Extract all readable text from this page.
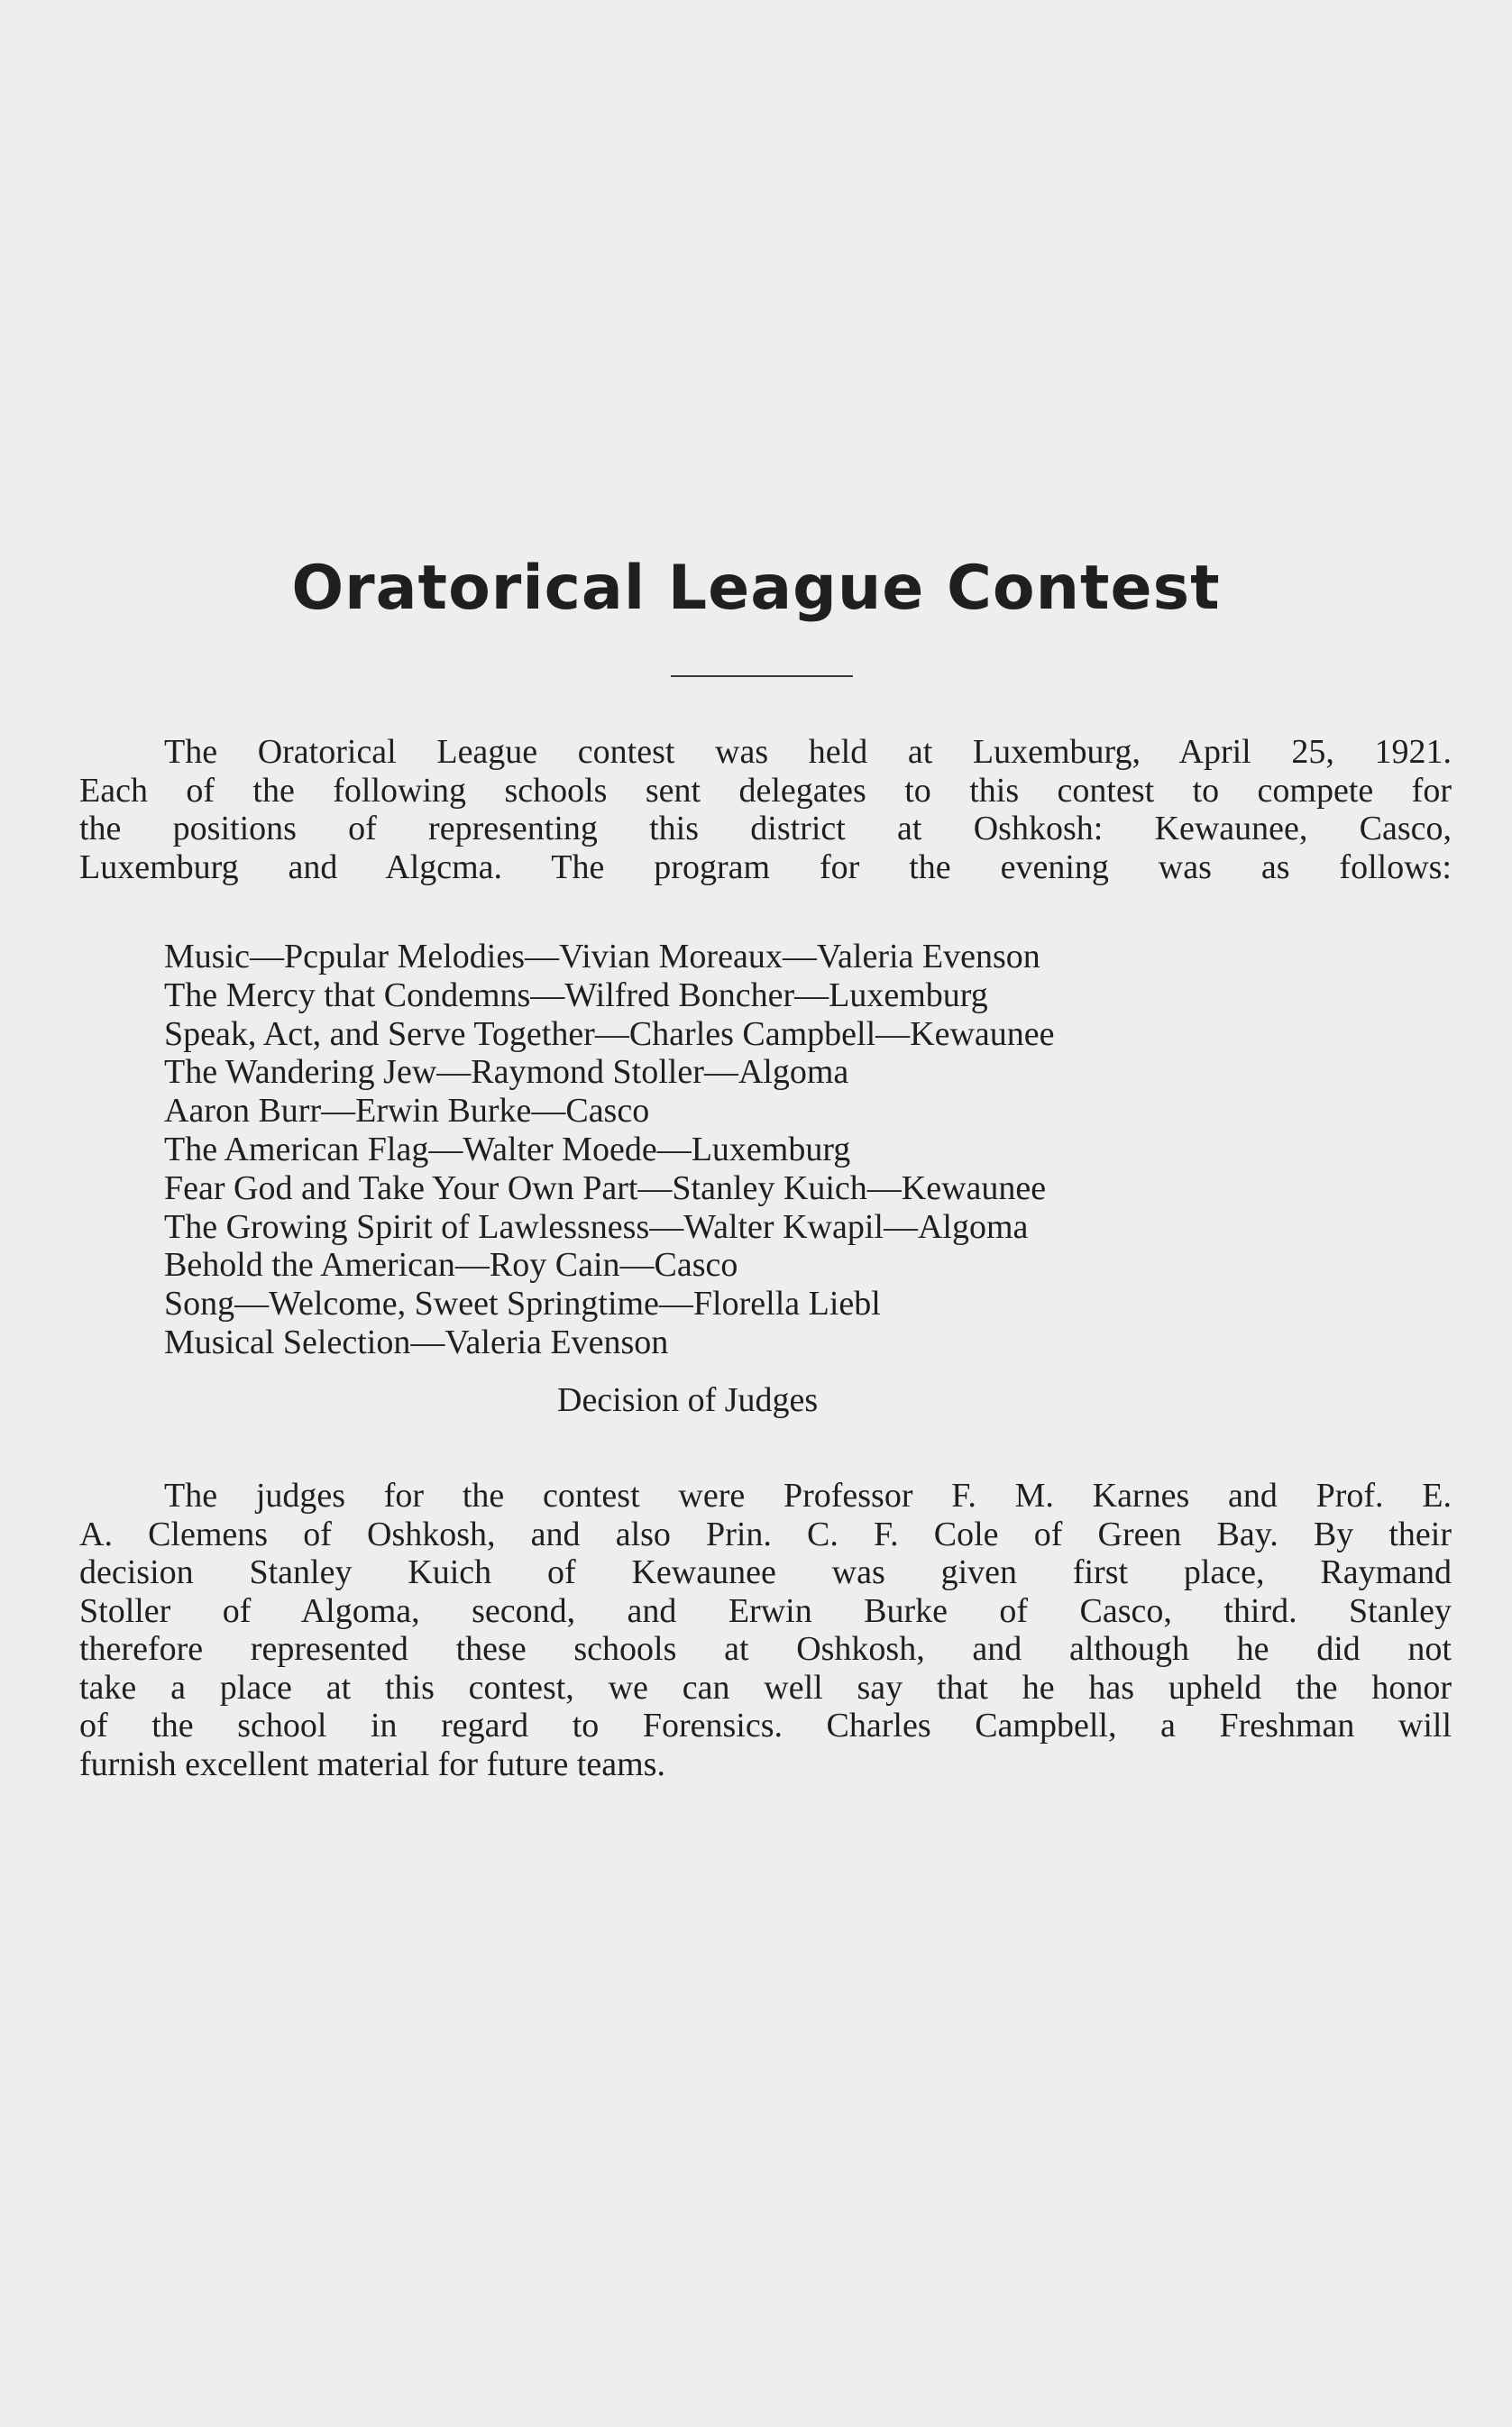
Oratorical League Contest

The Oratorical League contest was held at Luxemburg, April 25, 1921.
Each of the following schools sent delegates to this contest to compete for
the positions of representing this district at Oshkosh: Kewaunee, Casco,
Luxemburg and Algcma. The program for the evening was as follows:

Music—Pcpular Melodies—Vivian Moreaux—Valeria Evenson
The Mercy that Condemns—Wilfred Boncher—Luxemburg
Speak, Act, and Serve Together—Charles Campbell—Kewaunee
The Wandering Jew—Raymond Stoller—Algoma
Aaron Burr—Erwin Burke—Casco
The American Flag—Walter Moede—Luxemburg
Fear God and Take Your Own Part—Stanley Kuich—Kewaunee
The Growing Spirit of Lawlessness—Walter Kwapil—Algoma
Behold the American—Roy Cain—Casco
Song—Welcome, Sweet Springtime—Florella Liebl
Musical Selection—Valeria Evenson
Decision of Judges

The judges for the contest were Professor F. M. Karnes and Prof. E.
A. Clemens of Oshkosh, and also Prin. C. F. Cole of Green Bay. By their
decision Stanley Kuich of Kewaunee was given first place, Raymand
Stoller of Algoma, second, and Erwin Burke of Casco, third. Stanley
therefore represented these schools at Oshkosh, and although he did not
take a place at this contest, we can well say that he has upheld the honor
of the school in regard to Forensics. Charles Campbell, a Freshman will
furnish excellent material for future teams.
